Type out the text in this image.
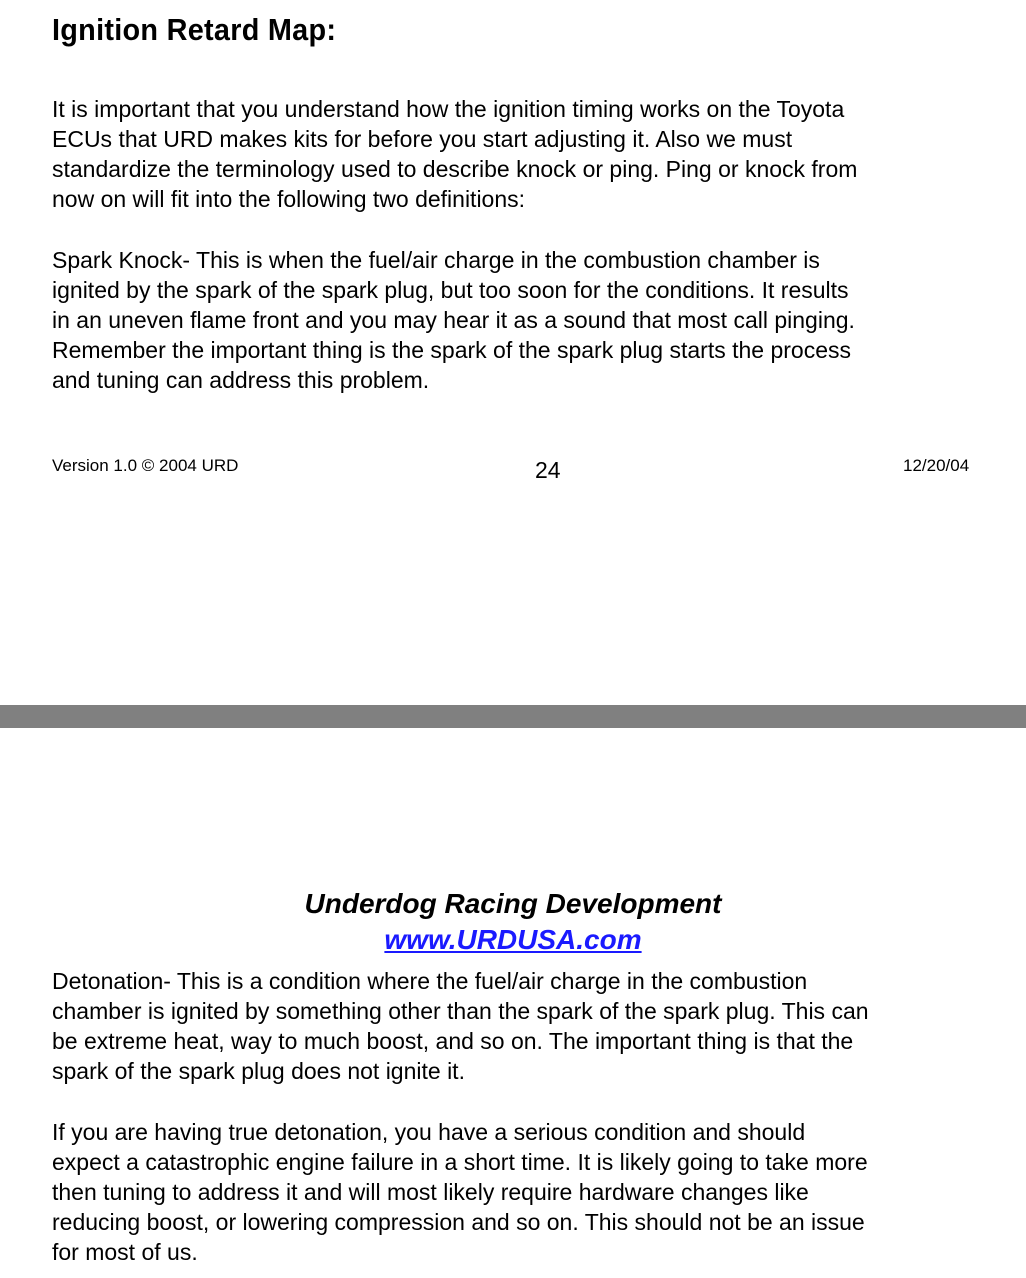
Ignition Retard Map:
It is important that you understand how the ignition timing works on the Toyota
ECUs that URD makes kits for before you start adjusting it. Also we must
standardize the terminology used to describe knock or ping. Ping or knock from
now on will fit into the following two definitions:
Spark Knock- This is when the fuel/air charge in the combustion chamber is
ignited by the spark of the spark plug, but too soon for the conditions. It results
in an uneven flame front and you may hear it as a sound that most call pinging.
Remember the important thing is the spark of the spark plug starts the process
and tuning can address this problem.
Version 1.0 © 2004 URD	24	12/20/04
Underdog Racing Development
www.URDUSA.com
Detonation- This is a condition where the fuel/air charge in the combustion
chamber is ignited by something other than the spark of the spark plug. This can
be extreme heat, way to much boost, and so on. The important thing is that the
spark of the spark plug does not ignite it.
If you are having true detonation, you have a serious condition and should
expect a catastrophic engine failure in a short time. It is likely going to take more
then tuning to address it and will most likely require hardware changes like
reducing boost, or lowering compression and so on. This should not be an issue
for most of us.
